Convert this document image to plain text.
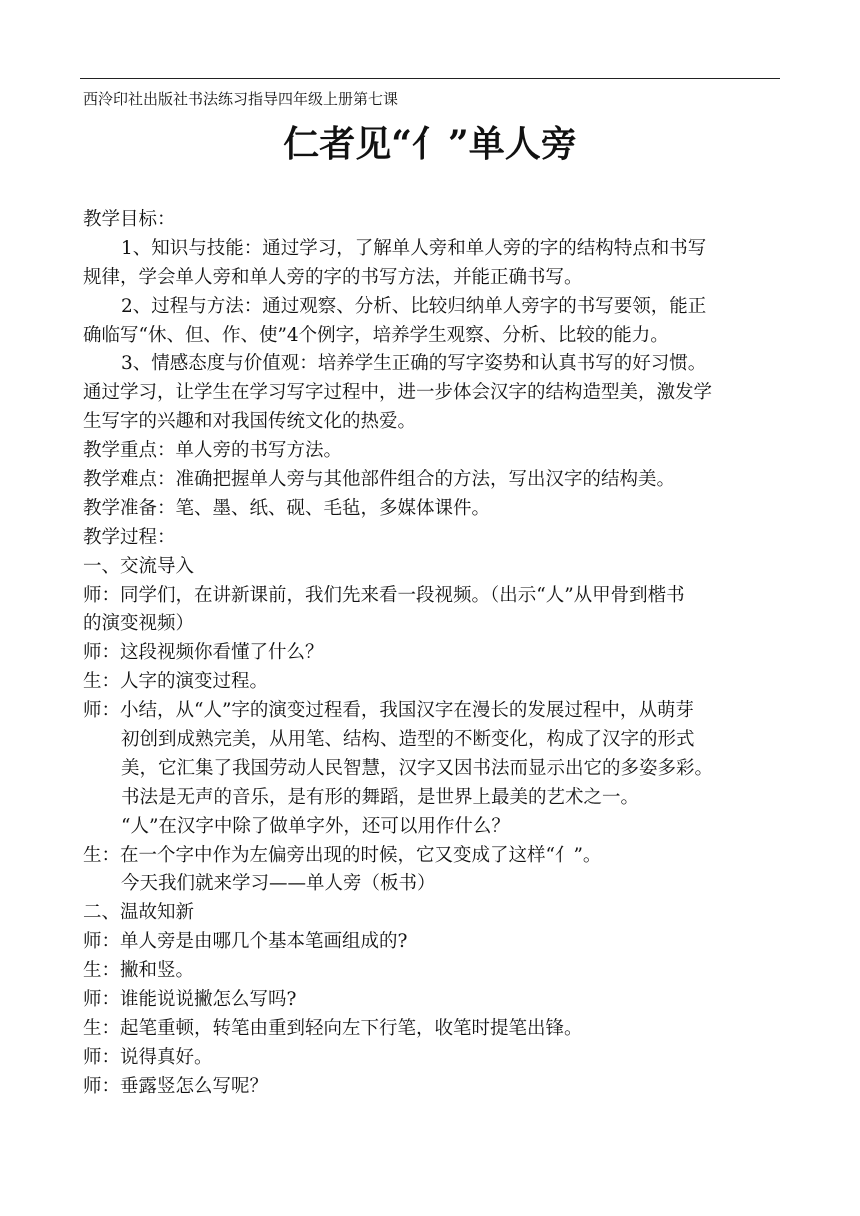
西泠印社出版社书法练习指导四年级上册第七课
仁者见“亻”单人旁
教学目标：
1、知识与技能：通过学习，了解单人旁和单人旁的字的结构特点和书写
规律，学会单人旁和单人旁的字的书写方法，并能正确书写。
2、过程与方法：通过观察、分析、比较归纳单人旁字的书写要领，能正
确临写“休、但、作、使”4个例字，培养学生观察、分析、比较的能力。
3、情感态度与价值观：培养学生正确的写字姿势和认真书写的好习惯。
通过学习，让学生在学习写字过程中，进一步体会汉字的结构造型美，激发学
生写字的兴趣和对我国传统文化的热爱。
教学重点：单人旁的书写方法。
教学难点：准确把握单人旁与其他部件组合的方法，写出汉字的结构美。
教学准备：笔、墨、纸、砚、毛毡，多媒体课件。
教学过程：
一、交流导入
师：同学们，在讲新课前，我们先来看一段视频。（出示“人”从甲骨到楷书
的演变视频）
师：这段视频你看懂了什么？
生：人字的演变过程。
师：小结，从“人”字的演变过程看，我国汉字在漫长的发展过程中，从萌芽
初创到成熟完美，从用笔、结构、造型的不断变化，构成了汉字的形式
美，它汇集了我国劳动人民智慧，汉字又因书法而显示出它的多姿多彩。
书法是无声的音乐，是有形的舞蹈，是世界上最美的艺术之一。
“人”在汉字中除了做单字外，还可以用作什么？
生：在一个字中作为左偏旁出现的时候，它又变成了这样“亻”。
今天我们就来学习——单人旁（板书）
二、温故知新
师：单人旁是由哪几个基本笔画组成的?
生：撇和竖。
师：谁能说说撇怎么写吗?
生：起笔重顿，转笔由重到轻向左下行笔，收笔时提笔出锋。
师：说得真好。
师：垂露竖怎么写呢？
